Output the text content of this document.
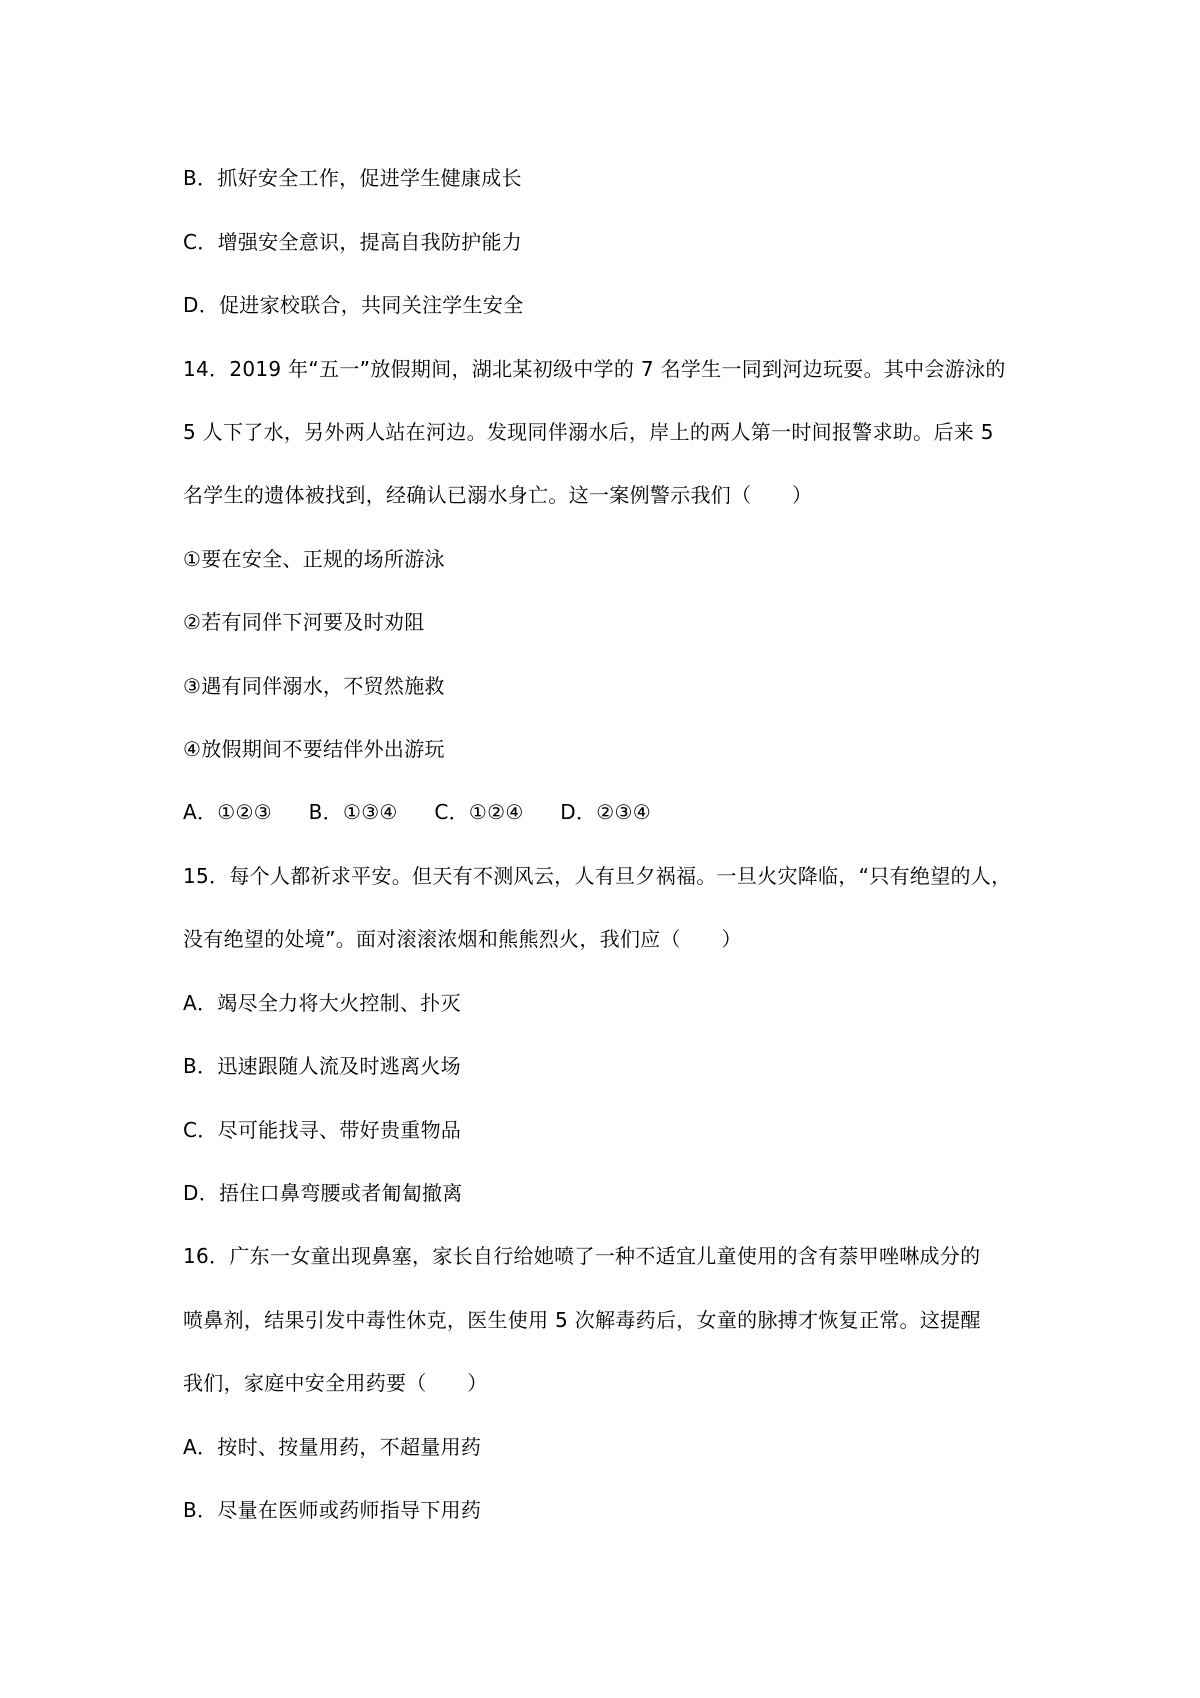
B．抓好安全工作，促进学生健康成长
C．增强安全意识，提高自我防护能力
D．促进家校联合，共同关注学生安全
14．2019 年“五一”放假期间，湖北某初级中学的 7 名学生一同到河边玩耍。其中会游泳的
5 人下了水，另外两人站在河边。发现同伴溺水后，岸上的两人第一时间报警求助。后来 5
名学生的遗体被找到，经确认已溺水身亡。这一案例警示我们（　　）
①要在安全、正规的场所游泳
②若有同伴下河要及时劝阻
③遇有同伴溺水，不贸然施救
④放假期间不要结伴外出游玩
A．①②③ B．①③④ C．①②④ D．②③④
15．每个人都祈求平安。但天有不测风云，人有旦夕祸福。一旦火灾降临，“只有绝望的人，
没有绝望的处境”。面对滚滚浓烟和熊熊烈火，我们应（　　）
A．竭尽全力将大火控制、扑灭
B．迅速跟随人流及时逃离火场
C．尽可能找寻、带好贵重物品
D．捂住口鼻弯腰或者匍匐撤离
16．广东一女童出现鼻塞，家长自行给她喷了一种不适宜儿童使用的含有萘甲唑啉成分的
喷鼻剂，结果引发中毒性休克，医生使用 5 次解毒药后，女童的脉搏才恢复正常。这提醒
我们，家庭中安全用药要（　　）
A．按时、按量用药，不超量用药
B．尽量在医师或药师指导下用药
